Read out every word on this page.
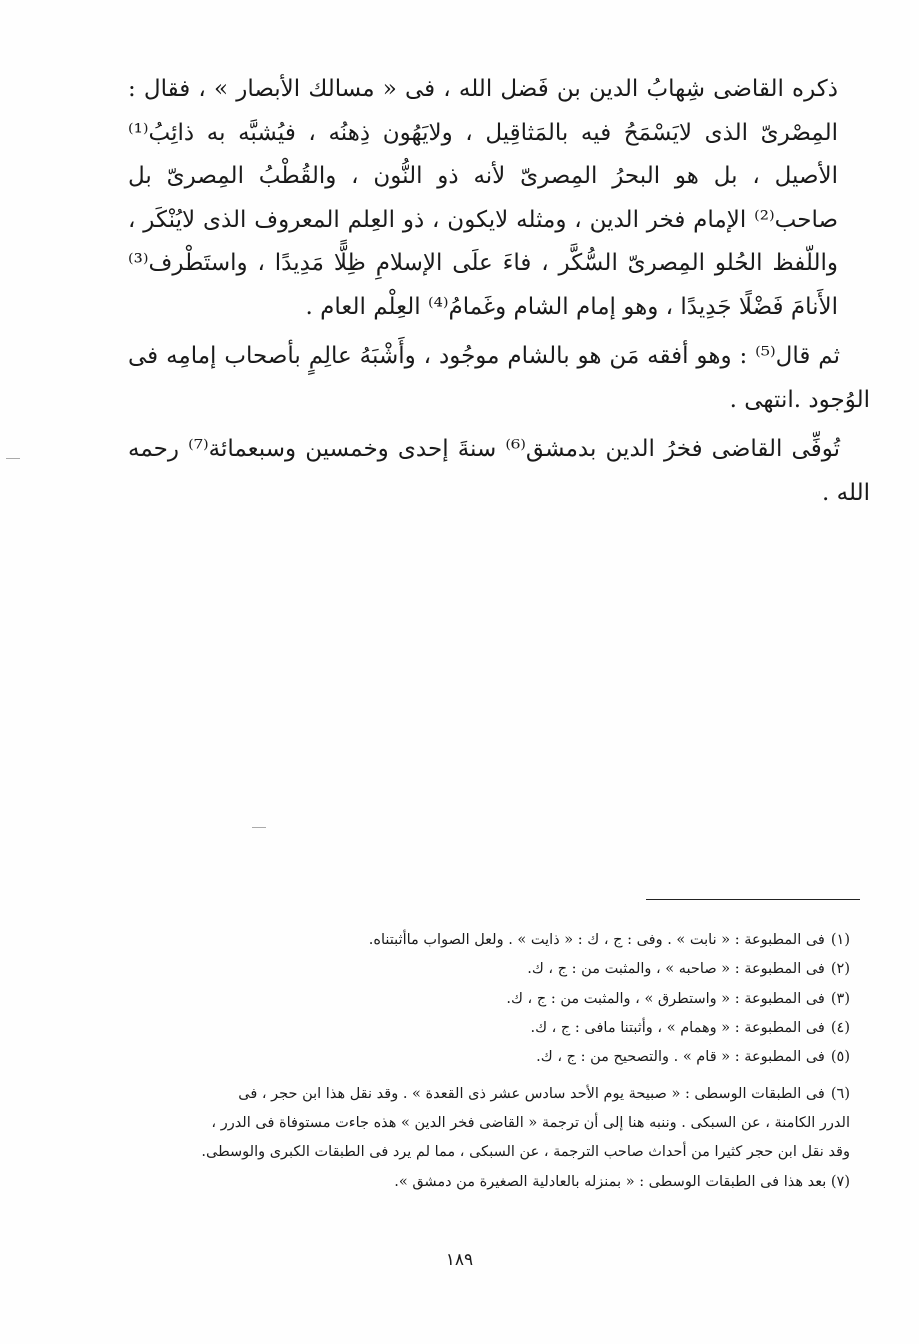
ذكره القاضى شِهابُ الدين بن فَضل الله ، فى « مسالك الأبصار » ، فقال : المِصْرىّ الذى لايَسْمَحُ فيه بالمَثاقِيل ، ولايَهُون ذِهنُه ، فيُشبَّه به ذائِبُ⁽¹⁾ الأصيل ، بل هو البحرُ المِصرىّ لأنه ذو النُّون ، والقُطْبُ المِصرىّ بل صاحب⁽²⁾ الإمام فخر الدين ، ومثله لايكون ، ذو العِلم المعروف الذى لايُنْكَر ، واللّفظ الحُلو المِصرىّ السُّكَّر ، فاءَ علَى الإسلامِ ظِلًّا مَدِيدًا ، واستَطْرف⁽³⁾ الأَنامَ فَضْلًا جَدِيدًا ، وهو إمام الشام وغَمامُ⁽⁴⁾ العِلْم العام .

ثم قال⁽⁵⁾ : وهو أفقه مَن هو بالشام موجُود ، وأَشْبَهُ عالِمٍ بأصحاب إمامِه فى الوُجود .انتهى .

تُوفِّى القاضى فخرُ الدين بدمشق⁽⁶⁾ سنةَ إحدى وخمسين وسبعمائة⁽⁷⁾ رحمه الله .

(١)فى المطبوعة : « نابت » . وفى : ج ، ك : « ذايت » . ولعل الصواب ماأثبتناه.

(٢)فى المطبوعة : « صاحبه » ، والمثبت من : ج ، ك.

(٣)فى المطبوعة : « واستطرق » ، والمثبت من : ج ، ك.

(٤)فى المطبوعة : « وهمام » ، وأثبتنا مافى : ج ، ك.

(٥)فى المطبوعة : « قام » . والتصحيح من : ج ، ك.

(٦)فى الطبقات الوسطى : « صبيحة يوم الأحد سادس عشر ذى القعدة » . وقد نقل هذا ابن حجر ، فى

الدرر الكامنة ، عن السبكى . وننبه هنا إلى أن ترجمة « القاضى فخر الدين » هذه جاءت مستوفاة فى الدرر ،

وقد نقل ابن حجر كثيرا من أحداث صاحب الترجمة ، عن السبكى ، مما لم يرد فى الطبقات الكبرى والوسطى.

(٧) بعد هذا فى الطبقات الوسطى : « بمنزله بالعادلية الصغيرة من دمشق ».

١٨٩
